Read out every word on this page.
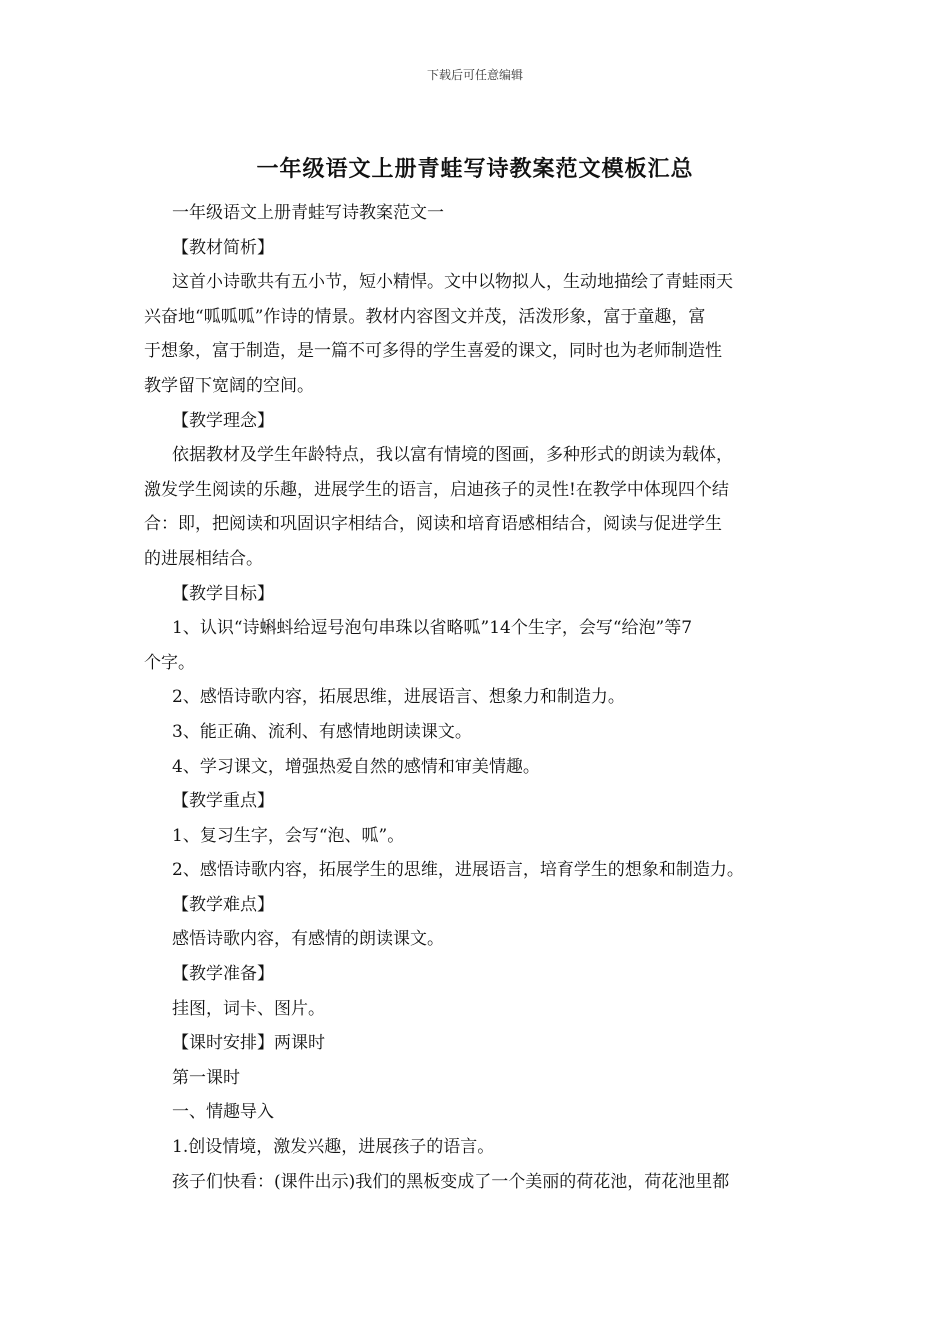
下载后可任意编辑
一年级语文上册青蛙写诗教案范文模板汇总
一年级语文上册青蛙写诗教案范文一
【教材简析】
这首小诗歌共有五小节，短小精悍。文中以物拟人，生动地描绘了青蛙雨天
兴奋地“呱呱呱”作诗的情景。教材内容图文并茂，活泼形象，富于童趣，富
于想象，富于制造，是一篇不可多得的学生喜爱的课文，同时也为老师制造性
教学留下宽阔的空间。
【教学理念】
依据教材及学生年龄特点，我以富有情境的图画，多种形式的朗读为载体，
激发学生阅读的乐趣，进展学生的语言，启迪孩子的灵性!在教学中体现四个结
合：即，把阅读和巩固识字相结合，阅读和培育语感相结合，阅读与促进学生
的进展相结合。
【教学目标】
1、认识“诗蝌蚪给逗号泡句串珠以省略呱”14个生字，会写“给泡”等7
个字。
2、感悟诗歌内容，拓展思维，进展语言、想象力和制造力。
3、能正确、流利、有感情地朗读课文。
4、学习课文，增强热爱自然的感情和审美情趣。
【教学重点】
1、复习生字，会写“泡、呱”。
2、感悟诗歌内容，拓展学生的思维，进展语言，培育学生的想象和制造力。
【教学难点】
感悟诗歌内容，有感情的朗读课文。
【教学准备】
挂图，词卡、图片。
【课时安排】两课时
第一课时
一、情趣导入
1.创设情境，激发兴趣，进展孩子的语言。
孩子们快看：(课件出示)我们的黑板变成了一个美丽的荷花池，荷花池里都
